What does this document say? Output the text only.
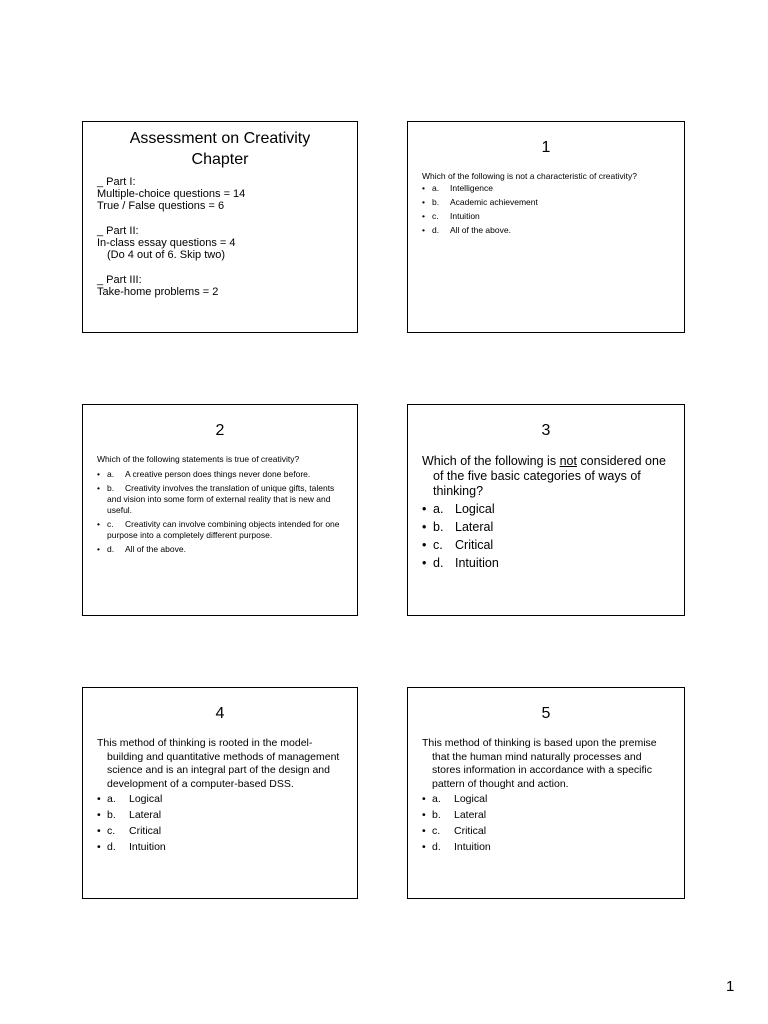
Assessment on Creativity
Chapter
_ Part I:
Multiple-choice questions = 14
True / False questions = 6
_ Part II:
In-class essay questions = 4
(Do 4 out of 6. Skip two)
_ Part III:
Take-home problems = 2
1

Which of the following is not a characteristic of creativity?

• a. Intelligence
• b. Academic achievement
• c. Intuition
• d. All of the above.
2

Which of the following statements is true of creativity?

• a. A creative person does things never done before.
• b. Creativity involves the translation of unique gifts, talents and vision into some form of external reality that is new and useful.
• c. Creativity can involve combining objects intended for one purpose into a completely different purpose.
• d. All of the above.
3

Which of the following is not considered one of the five basic categories of ways of thinking?

• a. Logical
• b. Lateral
• c. Critical
• d. Intuition
4

This method of thinking is rooted in the model-building and quantitative methods of management science and is an integral part of the design and development of a computer-based DSS.

• a. Logical
• b. Lateral
• c. Critical
• d. Intuition
5

This method of thinking is based upon the premise that the human mind naturally processes and stores information in accordance with a specific pattern of thought and action.

• a. Logical
• b. Lateral
• c. Critical
• d. Intuition
1
